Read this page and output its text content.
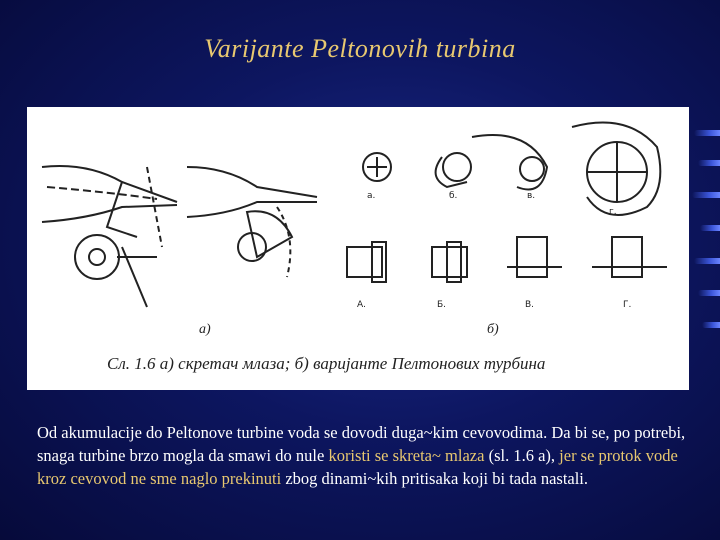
Varijante Peltonovih turbina
а.	б.	в.
г.
А.	Б.	В.	Г.
а)	б)
Сл. 1.6 а) скретач млаза; б) варијанте Пелтонових турбина
Od akumulacije do Peltonove turbine voda se dovodi duga~kim cevovodima. Da bi se, po potrebi, snaga turbine brzo mogla da smawi do nule koristi se skreta~ mlaza (sl. 1.6 a), jer se protok vode kroz cevovod ne sme naglo prekinuti zbog dinami~kih pritisaka koji bi tada nastali.
